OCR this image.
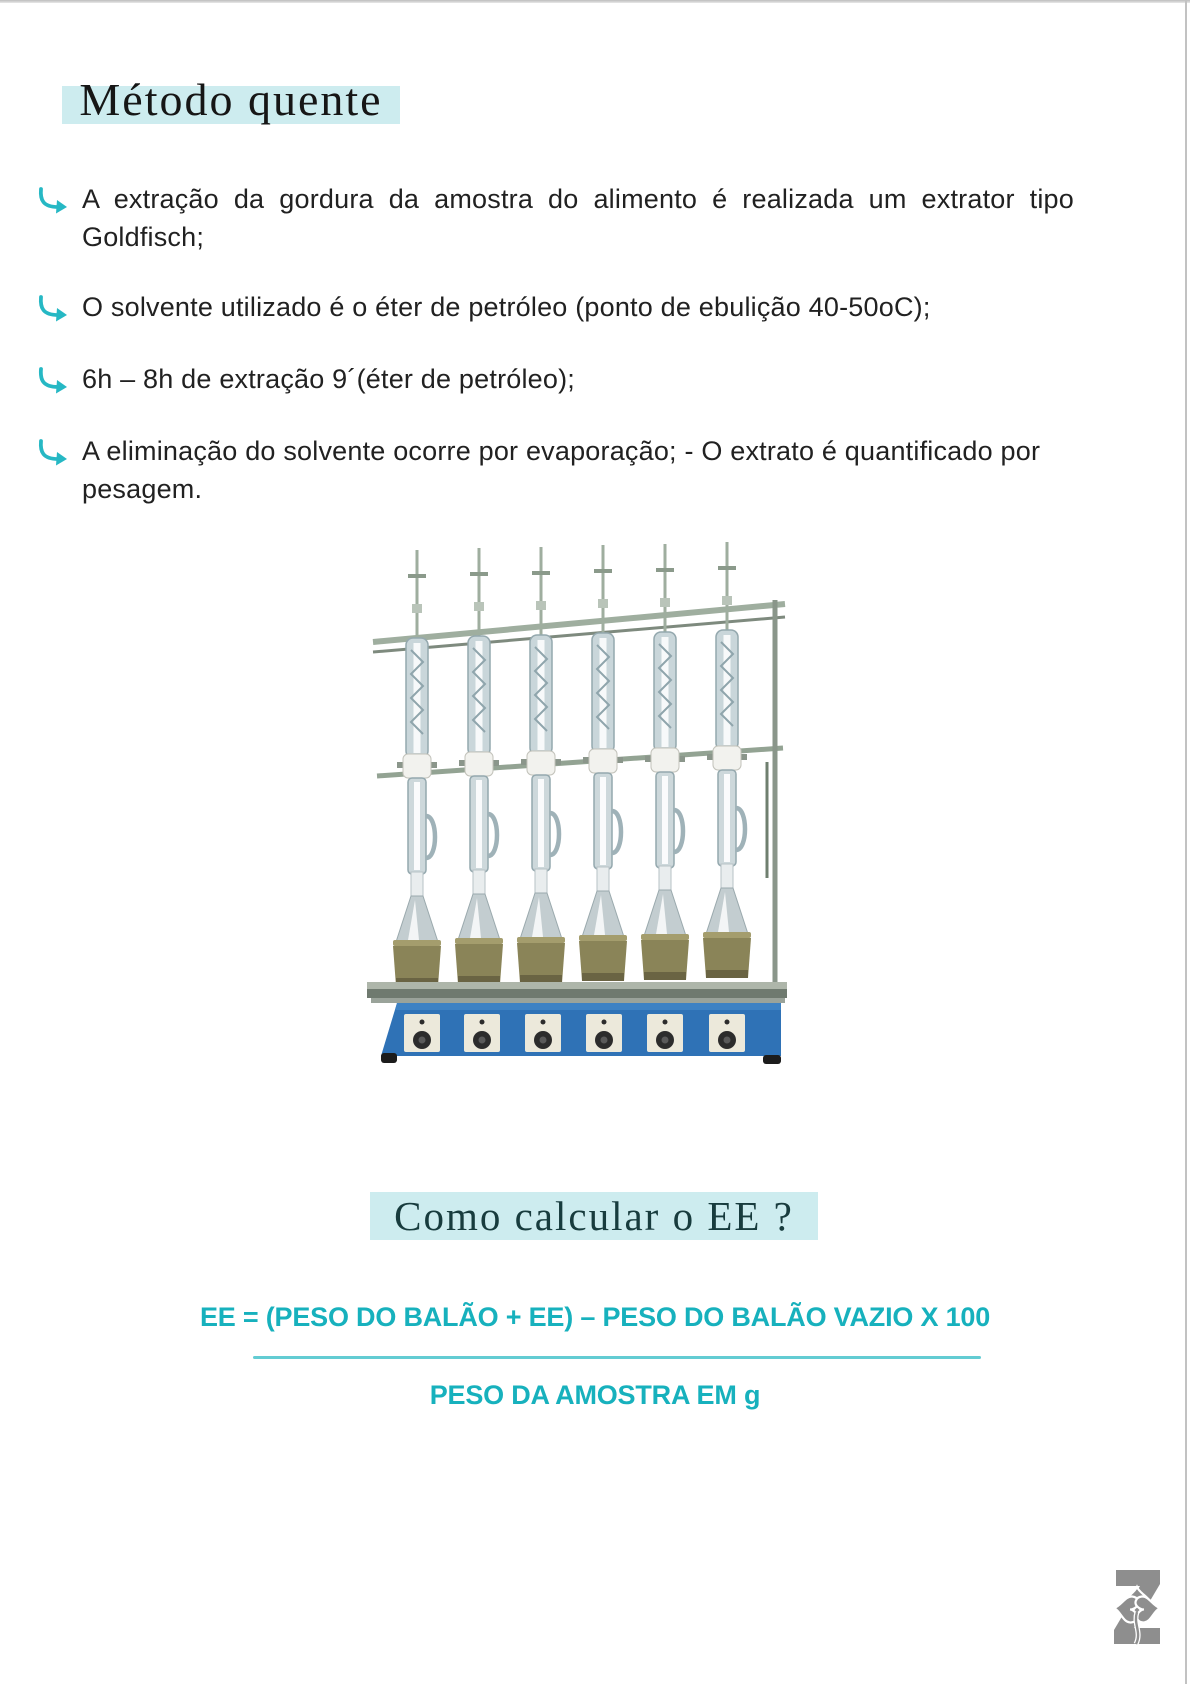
Método quente
A extração da gordura da amostra do alimento é realizada um extrator tipo Goldfisch;
O solvente utilizado é o éter de petróleo (ponto de ebulição 40-50oC);
6h – 8h de extração 9´(éter de petróleo);
A eliminação do solvente ocorre por evaporação; - O extrato é quantificado por pesagem.
Como calcular o EE ?
EE = (PESO DO BALÃO + EE) – PESO DO BALÃO VAZIO X 100
PESO DA AMOSTRA EM g
